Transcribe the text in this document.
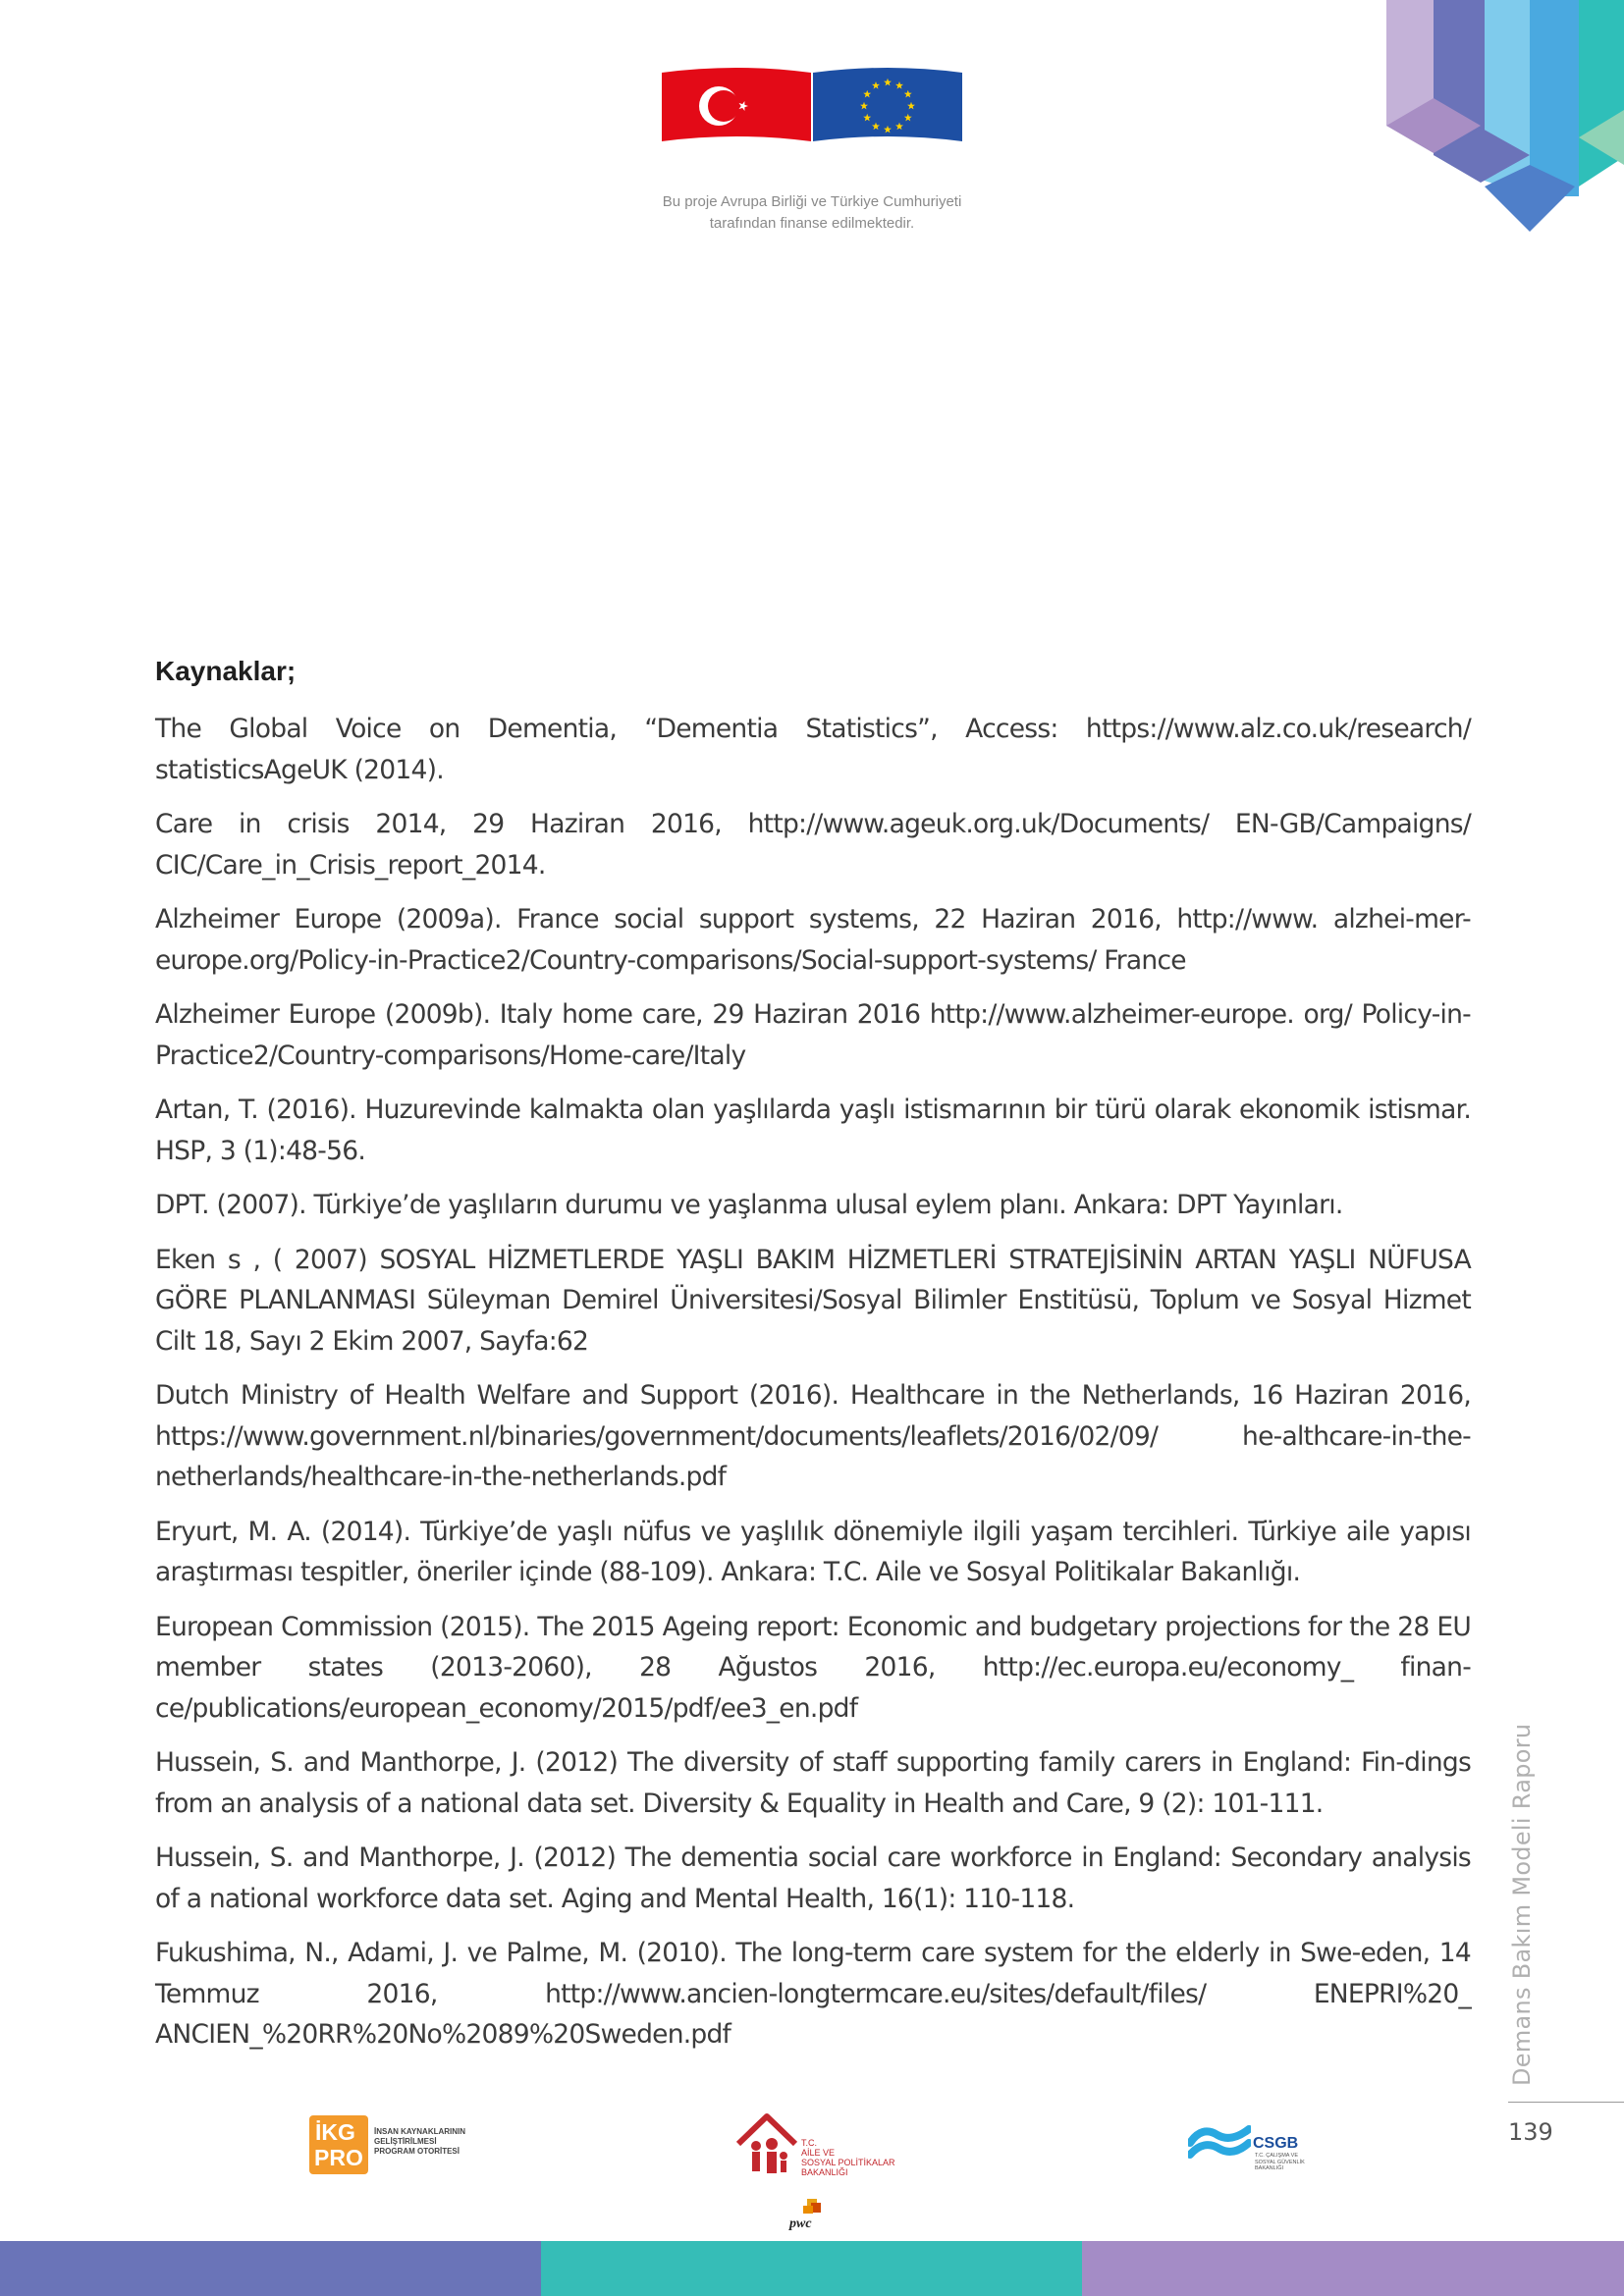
Bu proje Avrupa Birliği ve Türkiye Cumhuriyeti
tarafından finanse edilmektedir.
Kaynaklar;
The Global Voice on Dementia, “Dementia Statistics”, Access: https://www.alz.co.uk/research/ statisticsAgeUK (2014).
Care in crisis 2014, 29 Haziran 2016, http://www.ageuk.org.uk/Documents/ EN-GB/Campaigns/ CIC/Care_in_Crisis_report_2014.
Alzheimer Europe (2009a). France social support systems, 22 Haziran 2016, http://www. alzhei-mer-europe.org/Policy-in-Practice2/Country-comparisons/Social-support-systems/ France
Alzheimer Europe (2009b). Italy home care, 29 Haziran 2016 http://www.alzheimer-europe. org/ Policy-in-Practice2/Country-comparisons/Home-care/Italy
Artan, T. (2016). Huzurevinde kalmakta olan yaşlılarda yaşlı istismarının bir türü olarak ekonomik istismar. HSP, 3 (1):48-56.
DPT. (2007). Türkiye’de yaşlıların durumu ve yaşlanma ulusal eylem planı. Ankara: DPT Yayınları.
Eken s , ( 2007) SOSYAL HİZMETLERDE YAŞLI BAKIM HİZMETLERİ STRATEJİSİNİN ARTAN YAŞLI NÜFUSA GÖRE PLANLANMASI Süleyman Demirel Üniversitesi/Sosyal Bilimler Enstitüsü, Toplum ve Sosyal Hizmet Cilt 18, Sayı 2 Ekim 2007, Sayfa:62
Dutch Ministry of Health Welfare and Support (2016). Healthcare in the Netherlands, 16 Haziran 2016, https://www.government.nl/binaries/government/documents/leaflets/2016/02/09/ he-althcare-in-the-netherlands/healthcare-in-the-netherlands.pdf
Eryurt, M. A. (2014). Türkiye’de yaşlı nüfus ve yaşlılık dönemiyle ilgili yaşam tercihleri. Türkiye aile yapısı araştırması tespitler, öneriler içinde (88-109). Ankara: T.C. Aile ve Sosyal Politikalar Bakanlığı.
European Commission (2015). The 2015 Ageing report: Economic and budgetary projections for the 28 EU member states (2013-2060), 28 Ağustos 2016, http://ec.europa.eu/economy_ finan-ce/publications/european_economy/2015/pdf/ee3_en.pdf
Hussein, S. and Manthorpe, J. (2012) The diversity of staff supporting family carers in England: Fin-dings from an analysis of a national data set. Diversity & Equality in Health and Care, 9 (2): 101-111.
Hussein, S. and Manthorpe, J. (2012) The dementia social care workforce in England: Secondary analysis of a national workforce data set. Aging and Mental Health, 16(1): 110-118.
Fukushima, N., Adami, J. ve Palme, M. (2010). The long-term care system for the elderly in Swe-eden, 14 Temmuz 2016, http://www.ancien-longtermcare.eu/sites/default/files/ ENEPRI%20_ ANCIEN_%20RR%20No%2089%20Sweden.pdf	Demans Bakım Modeli Raporu
139
İKG
PRO
İNSAN KAYNAKLARININ
GELİŞTİRİLMESİ
PROGRAM OTORİTESİ
T.C.
AİLE VE
SOSYAL POLİTİKALAR
BAKANLIĞI
pwc
CSGB
T.C. ÇALIŞMA VE
SOSYAL GÜVENLİK
BAKANLIĞI
